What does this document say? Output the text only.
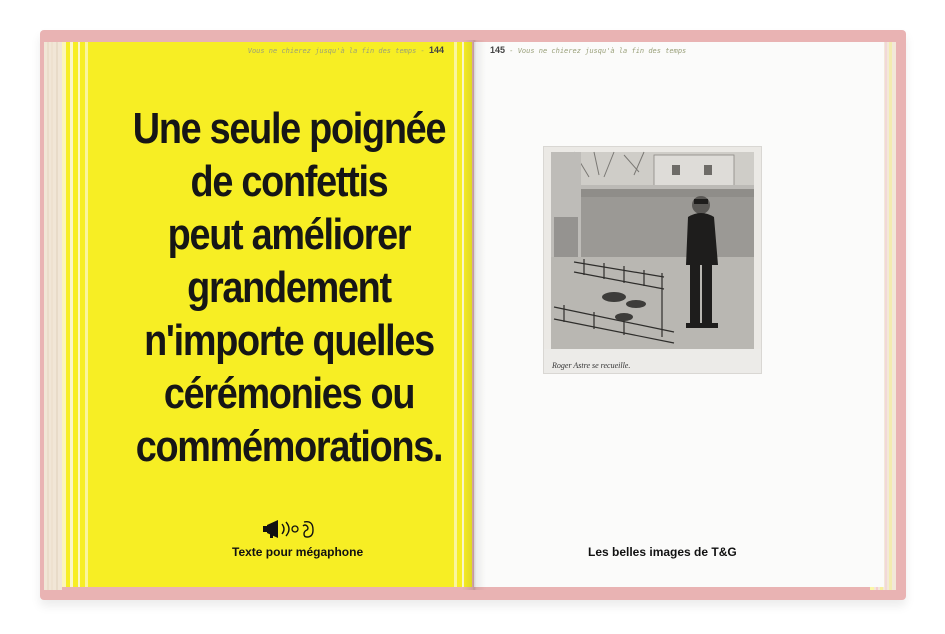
Vous ne chierez jusqu'à la fin des temps - 144	145 - Vous ne chierez jusqu'à la fin des temps
Une seule poignée
de confettis
peut améliorer
grandement
n'importe quelles
cérémonies ou
commémorations.
Texte pour mégaphone
Roger Astre se recueille.
Les belles images de T&G
